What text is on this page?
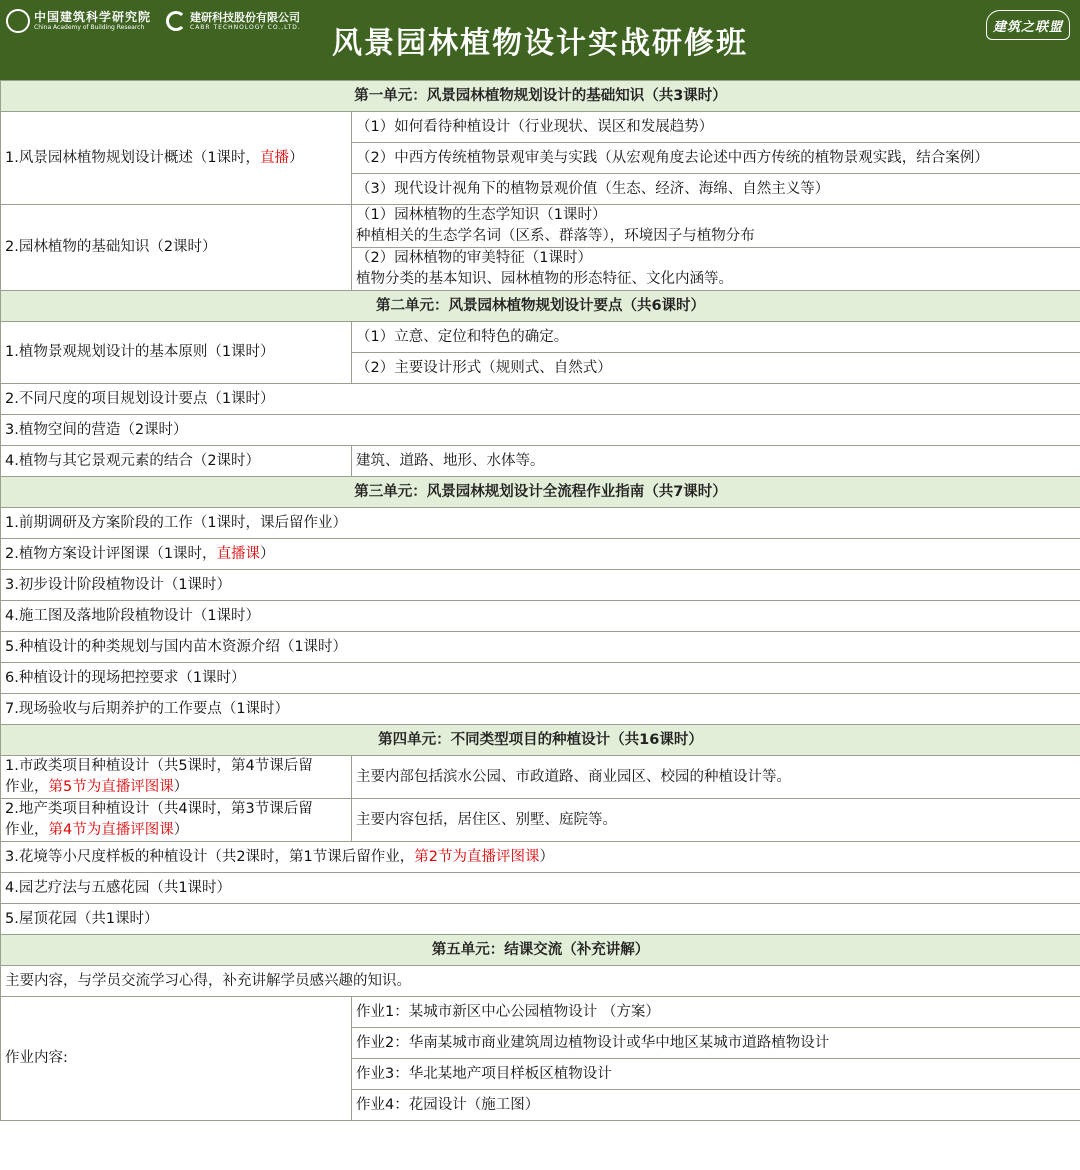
中国建筑科学研究院
China Academy of Building Research
建研科技股份有限公司
CABR TECHNOLOGY CO.,LTD.	风景园林植物设计实战研修班	建筑之联盟
第一单元：风景园林植物规划设计的基础知识（共3课时）	
1.风景园林植物规划设计概述（1课时，直播）	（1）如何看待种植设计（行业现状、误区和发展趋势）
	（2）中西方传统植物景观审美与实践（从宏观角度去论述中西方传统的植物景观实践，结合案例）
	（3）现代设计视角下的植物景观价值（生态、经济、海绵、自然主义等）
2.园林植物的基础知识（2课时）	（1）园林植物的生态学知识（1课时）
种植相关的生态学名词（区系、群落等），环境因子与植物分布

	（2）园林植物的审美特征（1课时）
植物分类的基本知识、园林植物的形态特征、文化内涵等。

第二单元：风景园林植物规划设计要点（共6课时）	
1.植物景观规划设计的基本原则（1课时）	（1）立意、定位和特色的确定。
	（2）主要设计形式（规则式、自然式）
2.不同尺度的项目规划设计要点（1课时）	
3.植物空间的营造（2课时）	
4.植物与其它景观元素的结合（2课时）	建筑、道路、地形、水体等。
第三单元：风景园林规划设计全流程作业指南（共7课时）	
1.前期调研及方案阶段的工作（1课时，课后留作业）	
2.植物方案设计评图课（1课时，直播课）	
3.初步设计阶段植物设计（1课时）	
4.施工图及落地阶段植物设计（1课时）	
5.种植设计的种类规划与国内苗木资源介绍（1课时）	
6.种植设计的现场把控要求（1课时）	
7.现场验收与后期养护的工作要点（1课时）	
第四单元：不同类型项目的种植设计（共16课时）	

1.市政类项目种植设计（共5课时，第4节课后留
作业，第5节为直播评图课）	主要内部包括滨水公园、市政道路、商业园区、校园的种植设计等。

2.地产类项目种植设计（共4课时，第3节课后留
作业，第4节为直播评图课）	主要内容包括，居住区、别墅、庭院等。
3.花境等小尺度样板的种植设计（共2课时，第1节课后留作业，第2节为直播评图课）	
4.园艺疗法与五感花园（共1课时）	
5.屋顶花园（共1课时）	
第五单元：结课交流（补充讲解）	
主要内容，与学员交流学习心得，补充讲解学员感兴趣的知识。	
作业内容:	作业1：某城市新区中心公园植物设计 （方案）
	作业2：华南某城市商业建筑周边植物设计或华中地区某城市道路植物设计
	作业3：华北某地产项目样板区植物设计
	作业4：花园设计（施工图）
